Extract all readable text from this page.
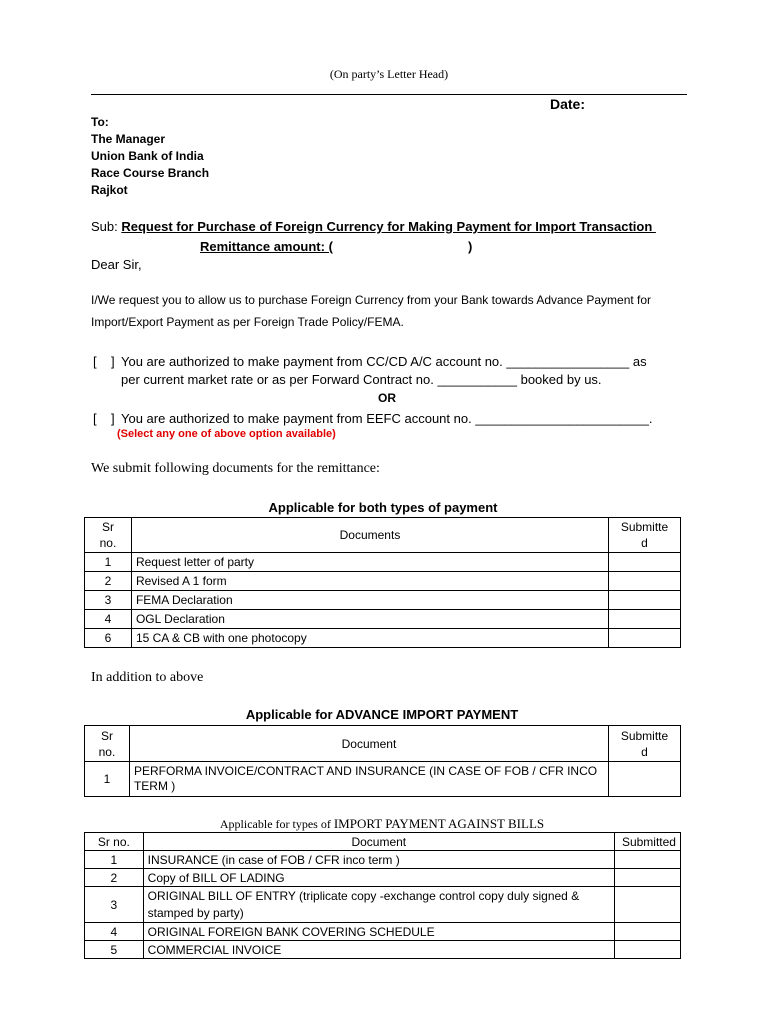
(On party’s Letter Head)
Date:
To:
The Manager
Union Bank of India
Race Course Branch
Rajkot
Sub: Request for Purchase of Foreign Currency for Making Payment for Import Transaction
Remittance amount: (	)
Dear Sir,
I/We request you to allow us to purchase Foreign Currency from your Bank towards Advance Payment for
Import/Export Payment as per Foreign Trade Policy/FEMA.
[    ] You are authorized to make payment from CC/CD A/C account no. _________________ as
per current market rate or as per Forward Contract no. ___________ booked by us.
OR
[    ] You are authorized to make payment from EEFC account no. ________________________.
(Select any one of above option available)
We submit following documents for the remittance:
Applicable for both types of payment
Sr
no.	Documents	Submitte
d
1	Request letter of party	
2	Revised A 1 form	
3	FEMA Declaration	
4	OGL Declaration	
6	15 CA & CB with one photocopy	
In addition to above
Applicable for ADVANCE IMPORT PAYMENT
Sr
no.	Document	Submitte
d
1	PERFORMA INVOICE/CONTRACT AND INSURANCE (IN CASE OF FOB / CFR INCO TERM )	
Applicable for types of IMPORT PAYMENT AGAINST BILLS
Sr no.	Document	Submitted
1	INSURANCE (in case of FOB / CFR inco term )	
2	Copy of BILL OF LADING	
3	ORIGINAL BILL OF ENTRY (triplicate copy -exchange control copy duly signed & stamped by party)	
4	ORIGINAL FOREIGN BANK COVERING SCHEDULE	
5	COMMERCIAL INVOICE	
